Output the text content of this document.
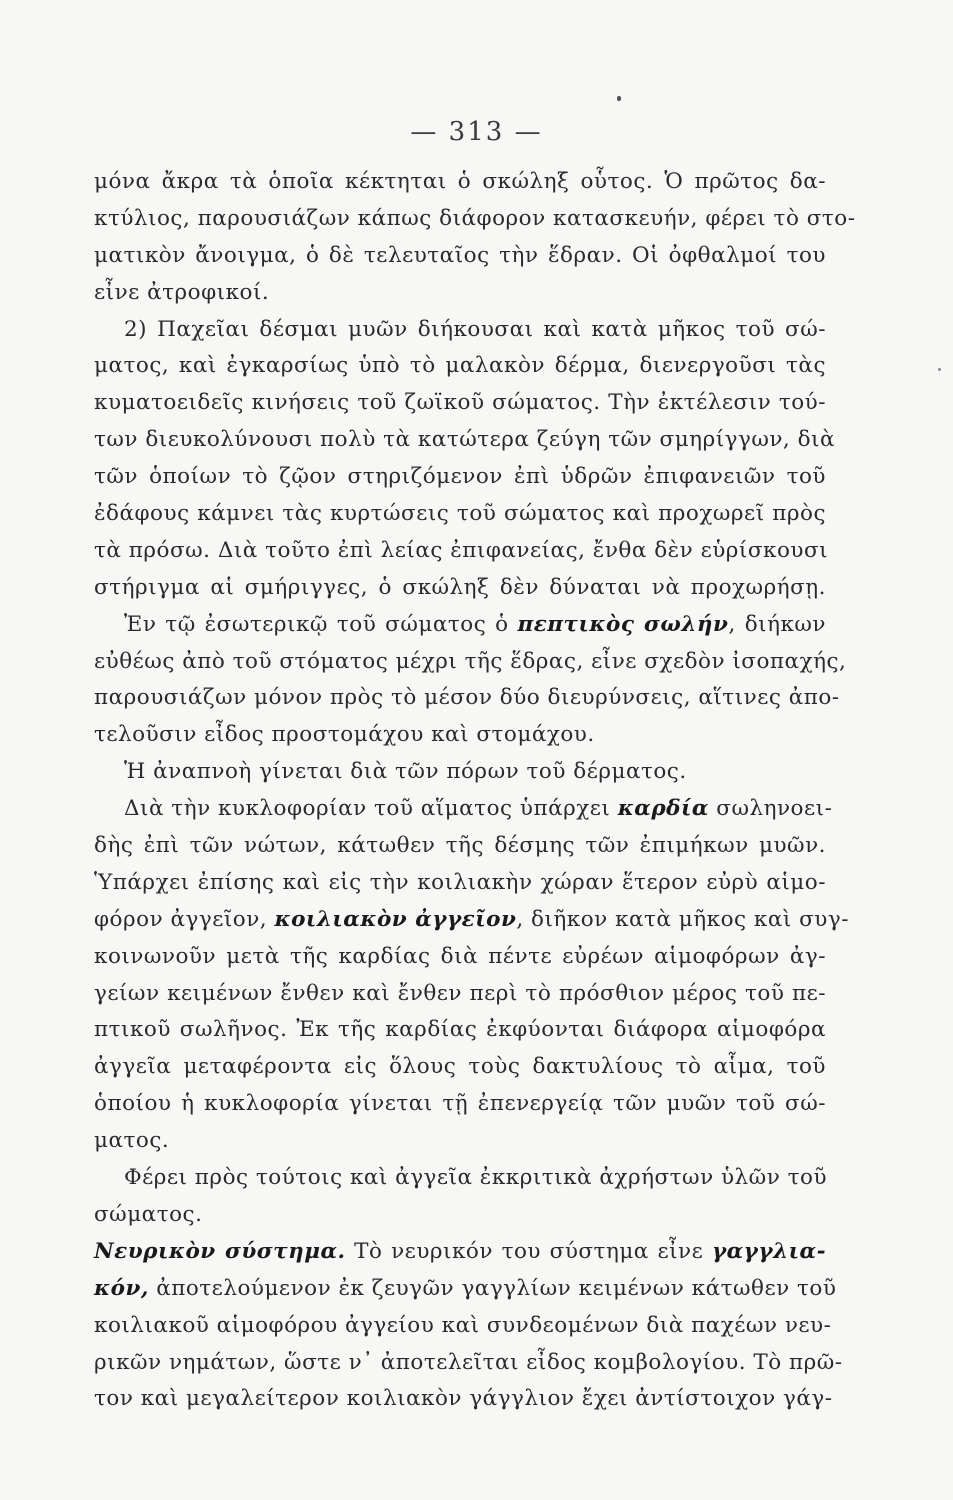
— 313 —
μόνα ἄκρα τὰ ὁποῖα κέκτηται ὁ σκώληξ οὗτος. Ὁ πρῶτος δα-
κτύλιος, παρουσιάζων κάπως διάφορον κατασκευήν, φέρει τὸ στο-
ματικὸν ἄνοιγμα, ὁ δὲ τελευταῖος τὴν ἕδραν. Οἱ ὀφθαλμοί του
εἶνε ἀτροφικοί.
2) Παχεῖαι δέσμαι μυῶν διήκουσαι καὶ κατὰ μῆκος τοῦ σώ-
ματος, καὶ ἐγκαρσίως ὑπὸ τὸ μαλακὸν δέρμα, διενεργοῦσι τὰς
κυματοειδεῖς κινήσεις τοῦ ζωϊκοῦ σώματος. Τὴν ἐκτέλεσιν τού-
των διευκολύνουσι πολὺ τὰ κατώτερα ζεύγη τῶν σμηρίγγων, διὰ
τῶν ὁποίων τὸ ζῷον στηριζόμενον ἐπὶ ὑδρῶν ἐπιφανειῶν τοῦ
ἐδάφους κάμνει τὰς κυρτώσεις τοῦ σώματος καὶ προχωρεῖ πρὸς
τὰ πρόσω. Διὰ τοῦτο ἐπὶ λείας ἐπιφανείας, ἔνθα δὲν εὑρίσκουσι
στήριγμα αἱ σμήριγγες, ὁ σκώληξ δὲν δύναται νὰ προχωρήσῃ.
Ἐν τῷ ἐσωτερικῷ τοῦ σώματος ὁ πεπτικὸς σωλήν, διήκων
εὐθέως ἀπὸ τοῦ στόματος μέχρι τῆς ἕδρας, εἶνε σχεδὸν ἰσοπαχής,
παρουσιάζων μόνον πρὸς τὸ μέσον δύο διευρύνσεις, αἵτινες ἀπο-
τελοῦσιν εἶδος προστομάχου καὶ στομάχου.
Ἡ ἀναπνοὴ γίνεται διὰ τῶν πόρων τοῦ δέρματος.
Διὰ τὴν κυκλοφορίαν τοῦ αἵματος ὑπάρχει καρδία σωληνοει-
δὴς ἐπὶ τῶν νώτων, κάτωθεν τῆς δέσμης τῶν ἐπιμήκων μυῶν.
Ὑπάρχει ἐπίσης καὶ εἰς τὴν κοιλιακὴν χώραν ἕτερον εὐρὺ αἱμο-
φόρον ἀγγεῖον, κοιλιακὸν ἀγγεῖον, διῆκον κατὰ μῆκος καὶ συγ-
κοινωνοῦν μετὰ τῆς καρδίας διὰ πέντε εὐρέων αἱμοφόρων ἀγ-
γείων κειμένων ἔνθεν καὶ ἔνθεν περὶ τὸ πρόσθιον μέρος τοῦ πε-
πτικοῦ σωλῆνος. Ἐκ τῆς καρδίας ἐκφύονται διάφορα αἱμοφόρα
ἀγγεῖα μεταφέροντα εἰς ὅλους τοὺς δακτυλίους τὸ αἷμα, τοῦ
ὁποίου ἡ κυκλοφορία γίνεται τῇ ἐπενεργείᾳ τῶν μυῶν τοῦ σώ-
ματος.
Φέρει πρὸς τούτοις καὶ ἀγγεῖα ἐκκριτικὰ ἀχρήστων ὑλῶν τοῦ
σώματος.
Νευρικὸν σύστημα. Τὸ νευρικόν του σύστημα εἶνε γαγγλια-
κόν, ἀποτελούμενον ἐκ ζευγῶν γαγγλίων κειμένων κάτωθεν τοῦ
κοιλιακοῦ αἱμοφόρου ἀγγείου καὶ συνδεομένων διὰ παχέων νευ-
ρικῶν νημάτων, ὥστε ν᾽ ἀποτελεῖται εἶδος κομβολογίου. Τὸ πρῶ-
τον καὶ μεγαλείτερον κοιλιακὸν γάγγλιον ἔχει ἀντίστοιχον γάγ-
